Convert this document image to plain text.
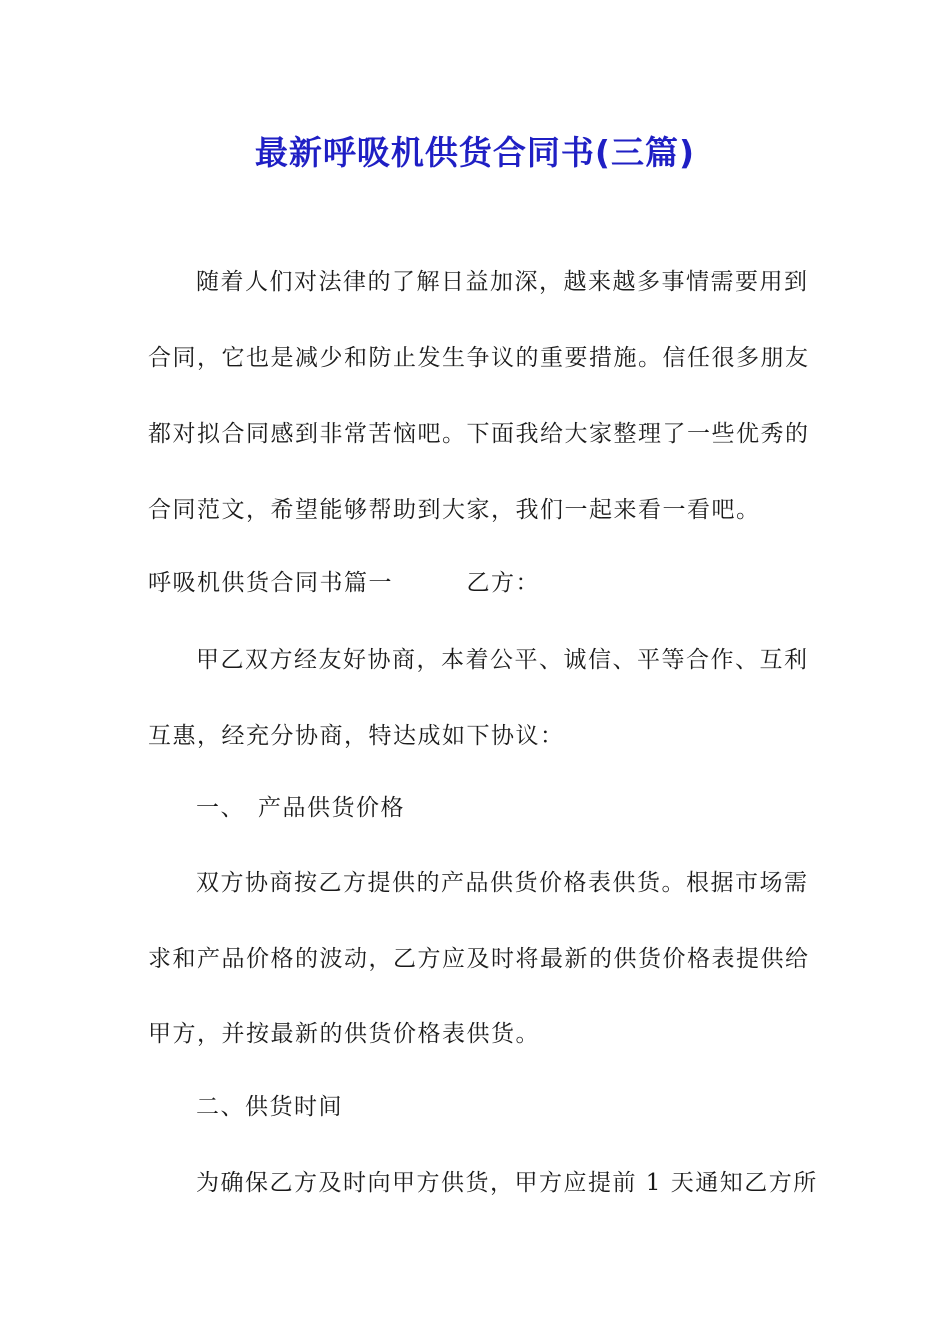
最新呼吸机供货合同书(三篇)
随着人们对法律的了解日益加深，越来越多事情需要用到
合同，它也是减少和防止发生争议的重要措施。信任很多朋友
都对拟合同感到非常苦恼吧。下面我给大家整理了一些优秀的
合同范文，希望能够帮助到大家，我们一起来看一看吧。
呼吸机供货合同书篇一　　　乙方：
甲乙双方经友好协商，本着公平、诚信、平等合作、互利
互惠，经充分协商，特达成如下协议：
一、　产品供货价格
双方协商按乙方提供的产品供货价格表供货。根据市场需
求和产品价格的波动，乙方应及时将最新的供货价格表提供给
甲方，并按最新的供货价格表供货。
二、供货时间
为确保乙方及时向甲方供货，甲方应提前 1 天通知乙方所
